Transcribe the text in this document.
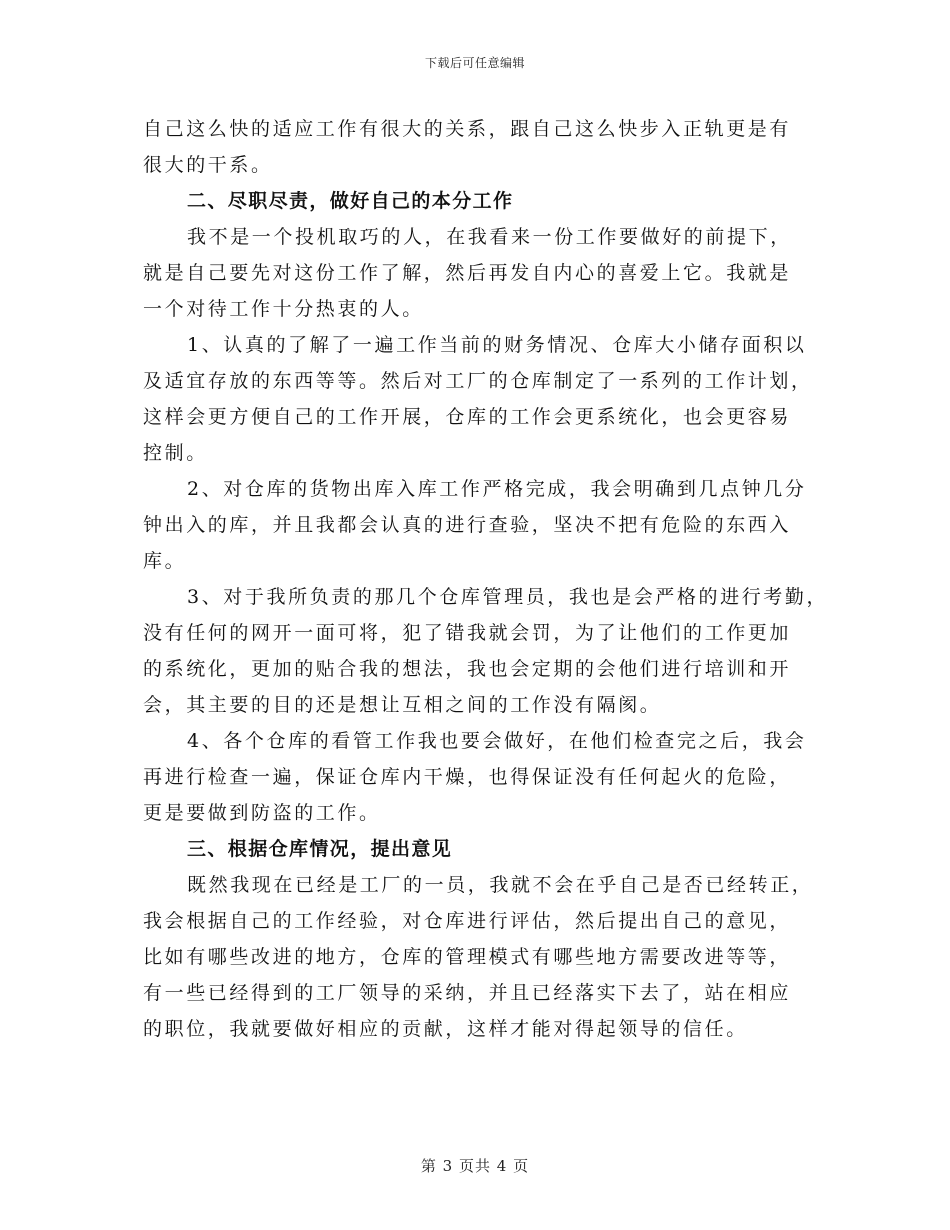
下载后可任意编辑
自己这么快的适应工作有很大的关系，跟自己这么快步入正轨更是有
很大的干系。
二、尽职尽责，做好自己的本分工作
我不是一个投机取巧的人，在我看来一份工作要做好的前提下，
就是自己要先对这份工作了解，然后再发自内心的喜爱上它。我就是
一个对待工作十分热衷的人。
1、认真的了解了一遍工作当前的财务情况、仓库大小储存面积以
及适宜存放的东西等等。然后对工厂的仓库制定了一系列的工作计划，
这样会更方便自己的工作开展，仓库的工作会更系统化，也会更容易
控制。
2、对仓库的货物出库入库工作严格完成，我会明确到几点钟几分
钟出入的库，并且我都会认真的进行查验，坚决不把有危险的东西入
库。
3、对于我所负责的那几个仓库管理员，我也是会严格的进行考勤，
没有任何的网开一面可将，犯了错我就会罚，为了让他们的工作更加
的系统化，更加的贴合我的想法，我也会定期的会他们进行培训和开
会，其主要的目的还是想让互相之间的工作没有隔阂。
4、各个仓库的看管工作我也要会做好，在他们检查完之后，我会
再进行检查一遍，保证仓库内干燥，也得保证没有任何起火的危险，
更是要做到防盗的工作。
三、根据仓库情况，提出意见
既然我现在已经是工厂的一员，我就不会在乎自己是否已经转正，
我会根据自己的工作经验，对仓库进行评估，然后提出自己的意见，
比如有哪些改进的地方，仓库的管理模式有哪些地方需要改进等等，
有一些已经得到的工厂领导的采纳，并且已经落实下去了，站在相应
的职位，我就要做好相应的贡献，这样才能对得起领导的信任。
第 3 页共 4 页
